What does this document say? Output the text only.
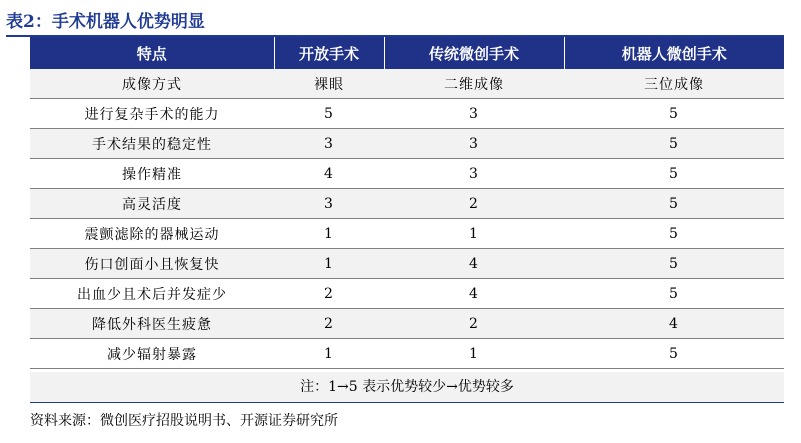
表2：手术机器人优势明显
特点	开放手术	传统微创手术	机器人微创手术
成像方式	裸眼	二维成像	三位成像
进行复杂手术的能力	5	3	5
手术结果的稳定性	3	3	5
操作精准	4	3	5
高灵活度	3	2	5
震颤滤除的器械运动	1	1	5
伤口创面小且恢复快	1	4	5
出血少且术后并发症少	2	4	5
降低外科医生疲惫	2	2	4
减少辐射暴露	1	1	5
注：1→5 表示优势较少→优势较多
资料来源：微创医疗招股说明书、开源证券研究所
